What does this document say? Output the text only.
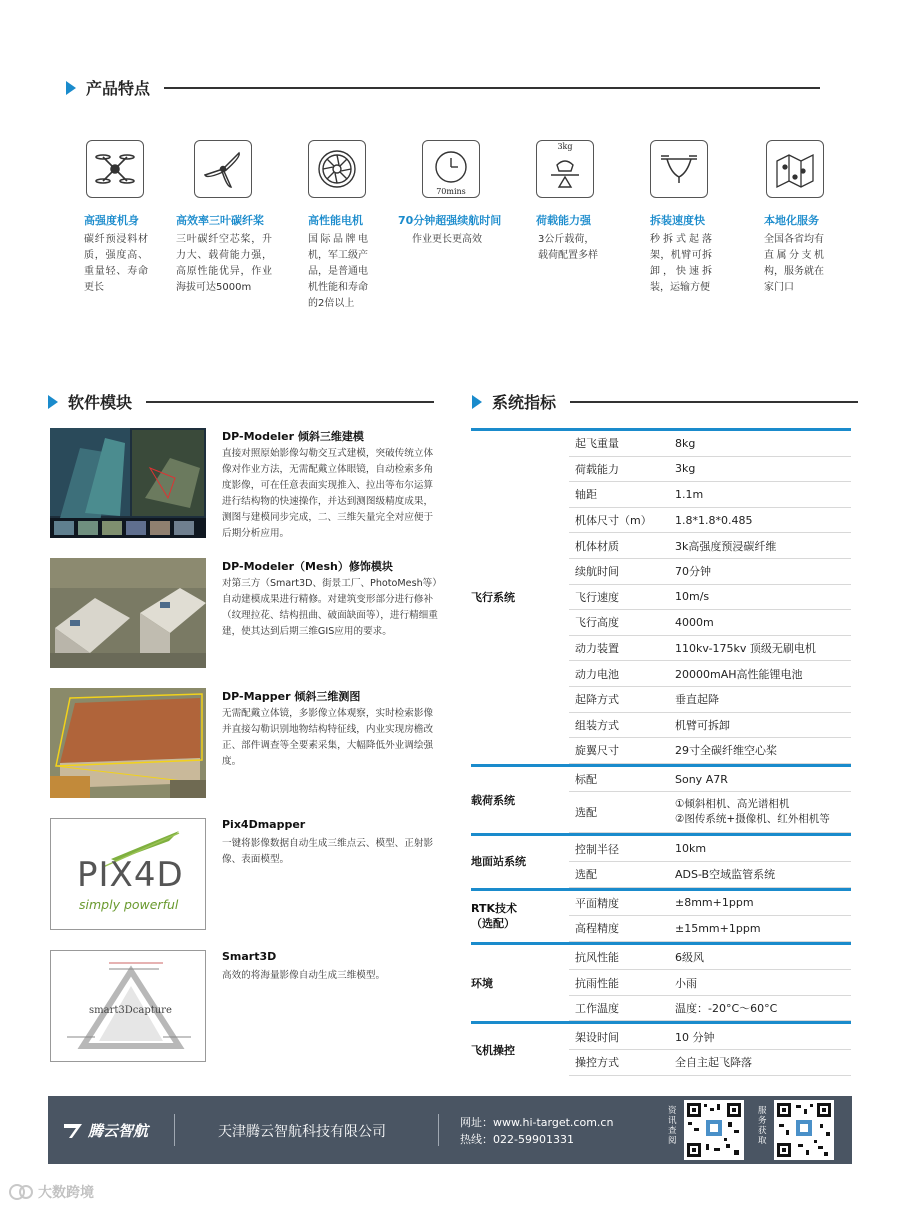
产品特点
高强度机身
碳纤预浸料材质，强度高、重量轻、寿命更长
高效率三叶碳纤桨
三叶碳纤空芯桨，升力大、载荷能力强，高原性能优异，作业海拔可达5000m
高性能电机
国际品牌电机，军工级产品，是普通电机性能和寿命的2倍以上
70mins
70分钟超强续航时间
作业更长更高效
3kg
荷载能力强
3公斤载荷，载荷配置多样
拆装速度快
秒拆式起落架，机臂可拆卸，快速拆装，运输方便
本地化服务
全国各省均有直属分支机构，服务就在家门口
软件模块
PIX4D
simply powerful
smart3Dcapture
DP-Modeler 倾斜三维建模
直接对照原始影像勾勒交互式建模，突破传统立体像对作业方法，无需配戴立体眼镜，自动检索多角度影像，可在任意表面实现推入、拉出等布尔运算进行结构物的快速操作，并达到测图级精度成果，测图与建模同步完成，二、三维矢量完全对应便于后期分析应用。
DP-Modeler（Mesh）修饰模块
对第三方（Smart3D、街景工厂、PhotoMesh等）自动建模成果进行精修。对建筑变形部分进行修补（纹理拉花、结构扭曲、破面缺面等），进行精细重建，使其达到后期三维GIS应用的要求。
DP-Mapper 倾斜三维测图
无需配戴立体镜，多影像立体观察，实时检索影像并直接勾勒识别地物结构特征线，内业实现房檐改正、部件调查等全要素采集，大幅降低外业调绘强度。
Pix4Dmapper
一键将影像数据自动生成三维点云、模型、正射影像、表面模型。
Smart3D
高效的将海量影像自动生成三维模型。
系统指标
飞行系统
起飞重量	8kg
荷载能力	3kg
轴距	1.1m
机体尺寸（m）	1.8*1.8*0.485
机体材质	3k高强度预浸碳纤维
续航时间	70分钟
飞行速度	10m/s
飞行高度	4000m
动力装置	110kv-175kv 顶级无刷电机
动力电池	20000mAH高性能锂电池
起降方式	垂直起降
组装方式	机臂可拆卸
旋翼尺寸	29寸全碳纤维空心桨
载荷系统
标配	Sony A7R
选配
①倾斜相机、高光谱相机
②图传系统+摄像机、红外相机等
地面站系统
控制半径	10km
选配	ADS-B空域监管系统
RTK技术
（选配）
平面精度	±8mm+1ppm
高程精度	±15mm+1ppm
环境
抗风性能	6级风
抗雨性能	小雨
工作温度	温度：-20°C～60°C
飞机操控
架设时间	10 分钟
操控方式	全自主起飞降落
腾云智航	天津腾云智航科技有限公司
网址：www.hi-target.com.cn
热线：022-59901331
资讯查阅
服务获取
大数跨境
